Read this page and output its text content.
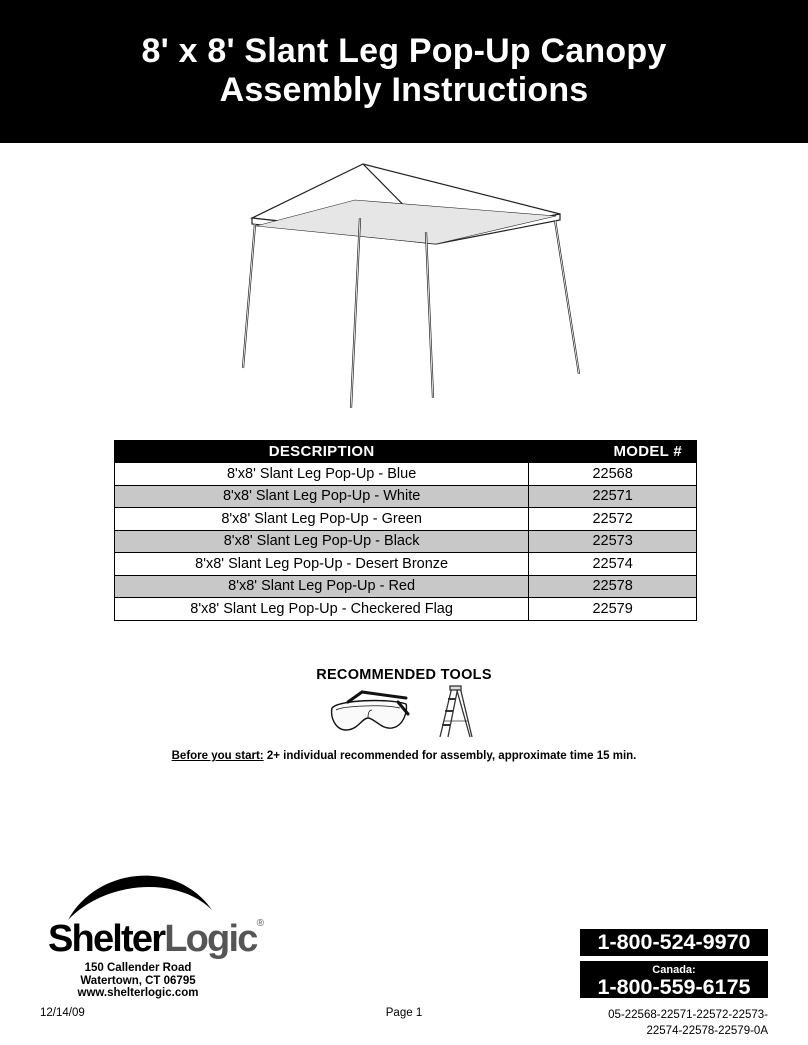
8' x 8' Slant Leg Pop-Up Canopy
Assembly Instructions
DESCRIPTION	MODEL #
8'x8' Slant Leg Pop-Up - Blue	22568
8'x8' Slant Leg Pop-Up - White	22571
8'x8' Slant Leg Pop-Up - Green	22572
8'x8' Slant Leg Pop-Up - Black	22573
8'x8' Slant Leg Pop-Up - Desert Bronze	22574
8'x8' Slant Leg Pop-Up - Red	22578
8'x8' Slant Leg Pop-Up - Checkered Flag	22579
RECOMMENDED TOOLS
Before you start: 2+ individual recommended for assembly, approximate time 15 min.
ShelterLogic®
150 Callender Road
Watertown, CT 06795
www.shelterlogic.com
1-800-524-9970
Canada:
1-800-559-6175
12/14/09	Page 1	05-22568-22571-22572-22573-
22574-22578-22579-0A
